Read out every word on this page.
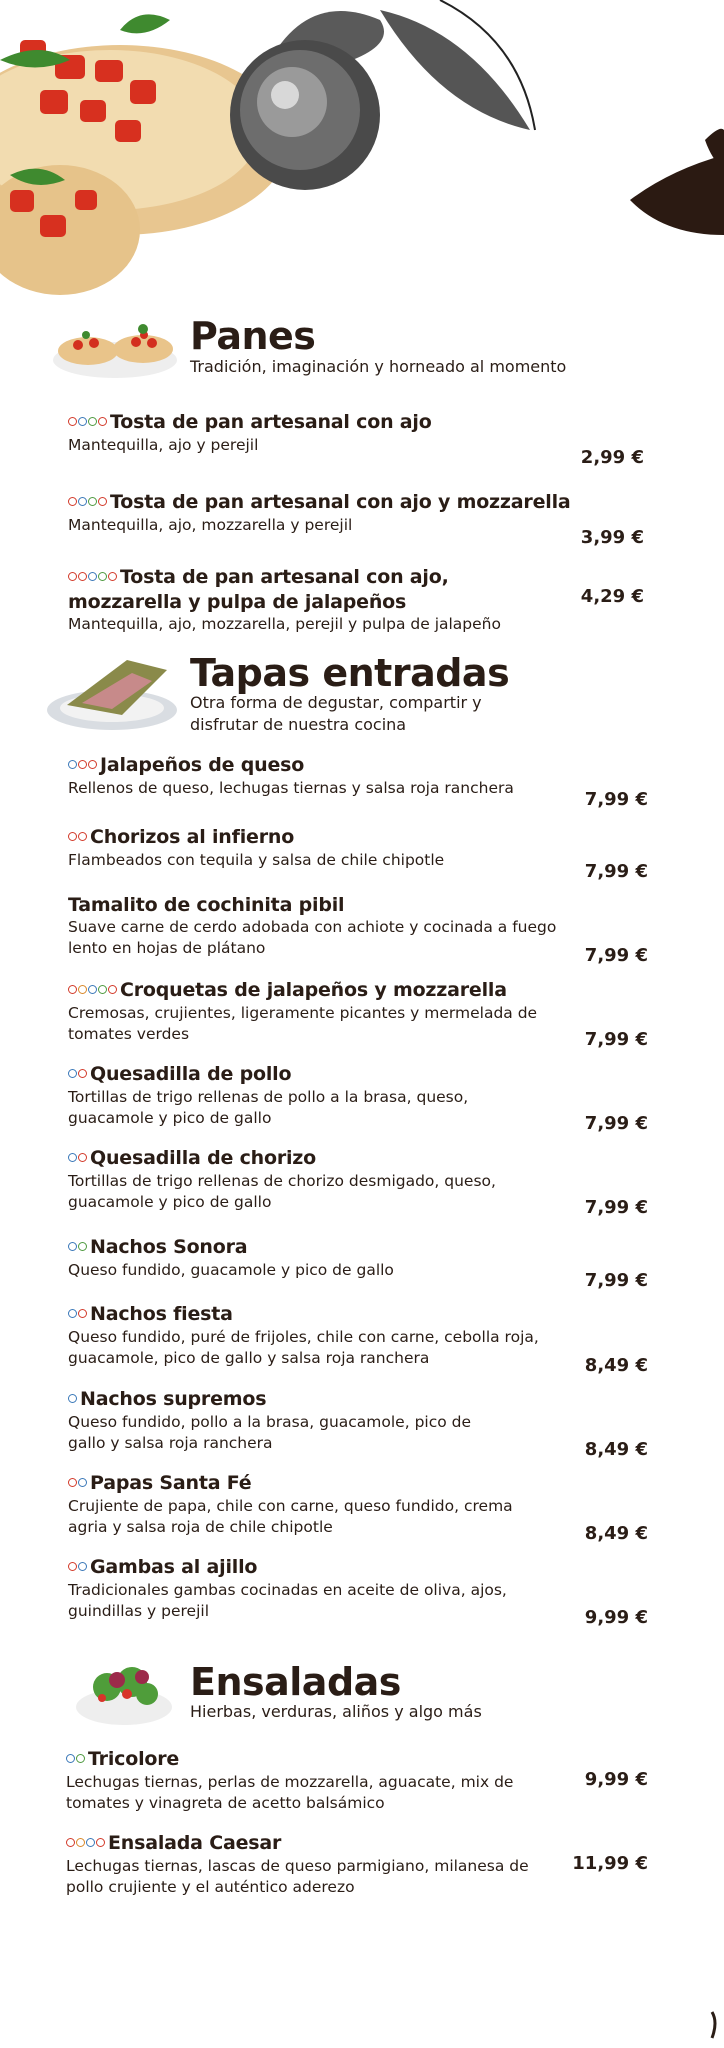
Panes
Tradición, imaginación y horneado al momento
Tosta de pan artesanal con ajo
Mantequilla, ajo y perejil
2,99 €
Tosta de pan artesanal con ajo y mozzarella
Mantequilla, ajo, mozzarella y perejil
3,99 €
Tosta de pan artesanal con ajo,
mozzarella y pulpa de jalapeños
Mantequilla, ajo, mozzarella, perejil y pulpa de jalapeño
4,29 €
Tapas entradas
Otra forma de degustar, compartir y
disfrutar de nuestra cocina
Jalapeños de queso
Rellenos de queso, lechugas tiernas y salsa roja ranchera
7,99 €
Chorizos al infierno
Flambeados con tequila y salsa de chile chipotle
7,99 €
Tamalito de cochinita pibil
Suave carne de cerdo adobada con achiote y cocinada a fuego lento en hojas de plátano	7,99 €
Croquetas de jalapeños y mozzarella
Cremosas, crujientes, ligeramente picantes y mermelada de tomates verdes	7,99 €
Quesadilla de pollo
Tortillas de trigo rellenas de pollo a la brasa, queso, guacamole y pico de gallo	7,99 €
Quesadilla de chorizo
Tortillas de trigo rellenas de chorizo desmigado, queso, guacamole y pico de gallo	7,99 €
Nachos Sonora
Queso fundido, guacamole y pico de gallo
7,99 €
Nachos fiesta
Queso fundido, puré de frijoles, chile con carne, cebolla roja, guacamole, pico de gallo y salsa roja ranchera	8,49 €
Nachos supremos
Queso fundido, pollo a la brasa, guacamole, pico de gallo y salsa roja ranchera	8,49 €
Papas Santa Fé
Crujiente de papa, chile con carne, queso fundido, crema agria y salsa roja de chile chipotle	8,49 €
Gambas al ajillo
Tradicionales gambas cocinadas en aceite de oliva, ajos, guindillas y perejil	9,99 €
Ensaladas
Hierbas, verduras, aliños y algo más
Tricolore
Lechugas tiernas, perlas de mozzarella, aguacate, mix de tomates y vinagreta de acetto balsámico
9,99 €
Ensalada Caesar
Lechugas tiernas, lascas de queso parmigiano, milanesa de pollo crujiente y el auténtico aderezo
11,99 €
